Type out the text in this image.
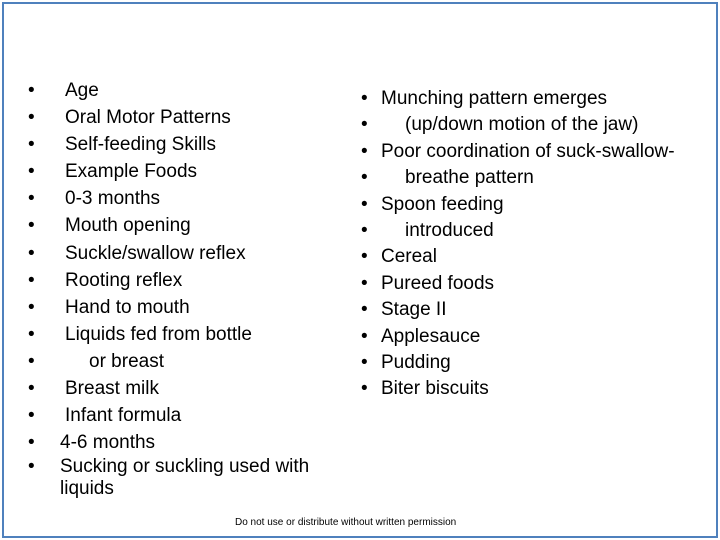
• Age
• Oral Motor Patterns
• Self-feeding Skills
• Example Foods
• 0-3 months
• Mouth opening
• Suckle/swallow reflex
• Rooting reflex
• Hand to mouth
• Liquids fed from bottle
•	or breast
• Breast milk
• Infant formula
• 4-6 months
• Sucking or suckling used with liquids
• Munching pattern emerges
• (up/down motion of the jaw)
• Poor coordination of suck-swallow-
• breathe pattern
• Spoon feeding
• introduced
• Cereal
• Pureed foods
• Stage II
• Applesauce
• Pudding
• Biter biscuits
Do not use or distribute without written permission
